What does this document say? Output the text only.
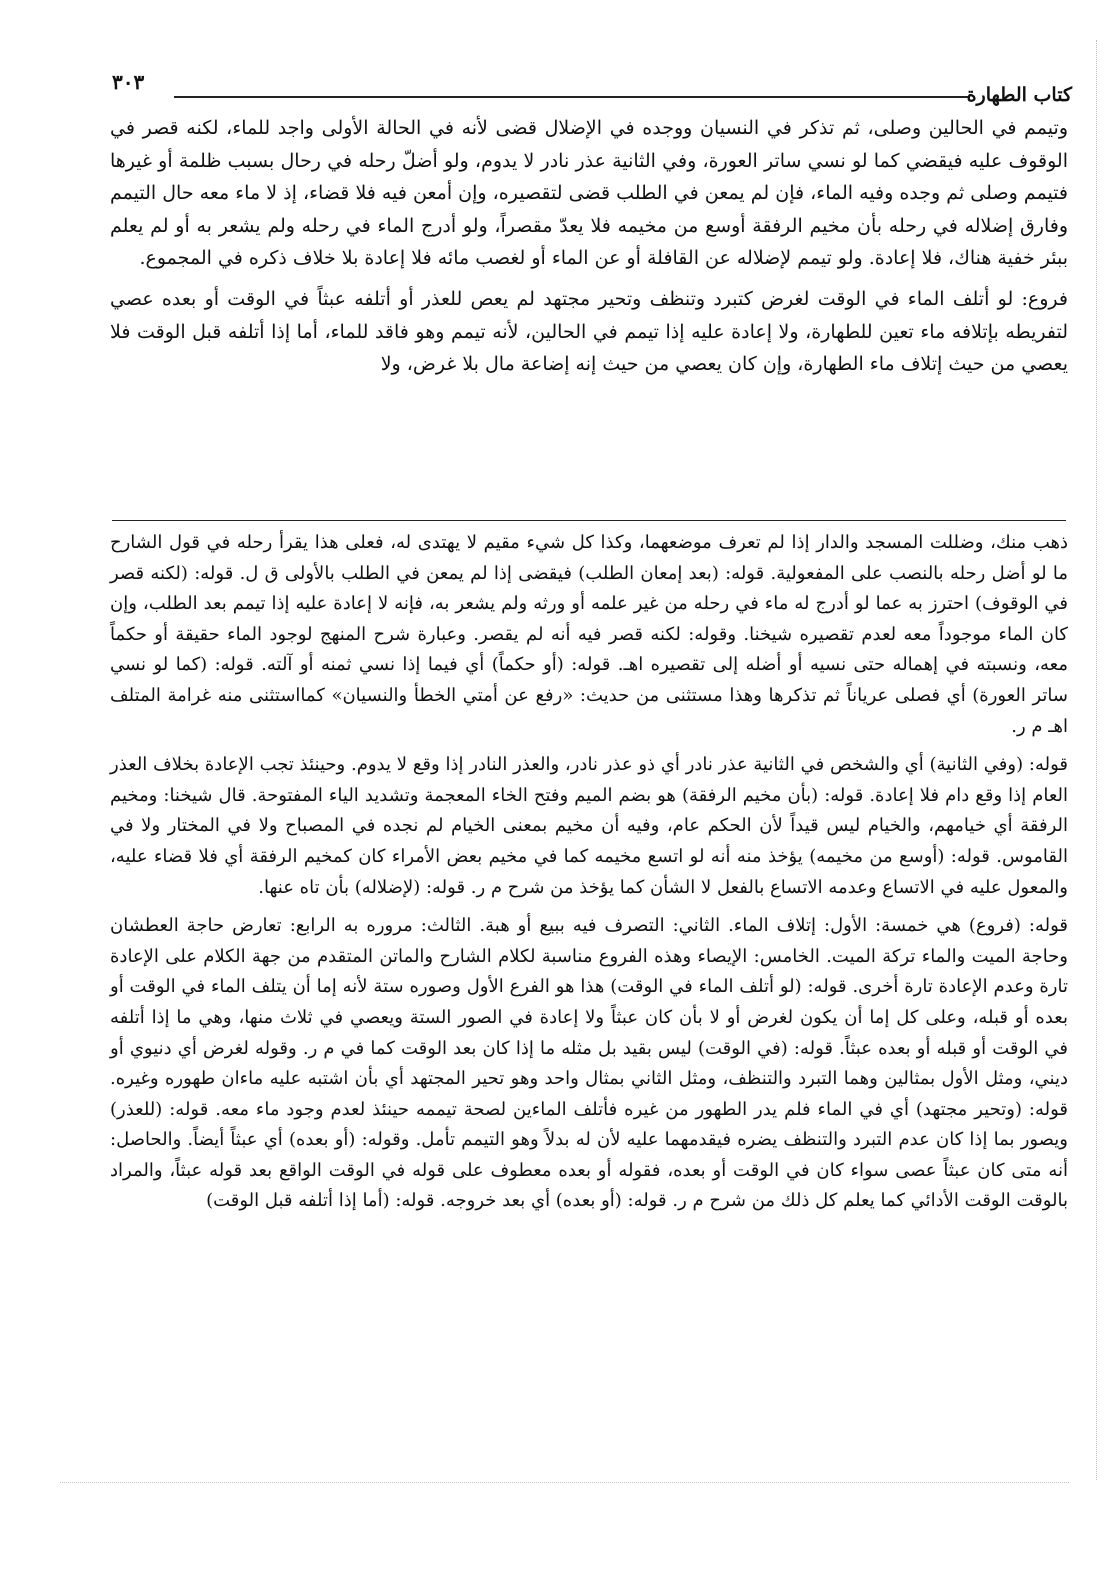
كتاب الطهارة
٣٠٣

وتيمم في الحالين وصلى، ثم تذكر في النسيان ووجده في الإضلال قضى لأنه في الحالة الأولى واجد للماء، لكنه قصر في الوقوف عليه فيقضي كما لو نسي ساتر العورة، وفي الثانية عذر نادر لا يدوم، ولو أضلّ رحله في رحال بسبب ظلمة أو غيرها فتيمم وصلى ثم وجده وفيه الماء، فإن لم يمعن في الطلب قضى لتقصيره، وإن أمعن فيه فلا قضاء، إذ لا ماء معه حال التيمم وفارق إضلاله في رحله بأن مخيم الرفقة أوسع من مخيمه فلا يعدّ مقصراً، ولو أدرج الماء في رحله ولم يشعر به أو لم يعلم ببئر خفية هناك، فلا إعادة. ولو تيمم لإضلاله عن القافلة أو عن الماء أو لغصب مائه فلا إعادة بلا خلاف ذكره في المجموع.

فروع: لو أتلف الماء في الوقت لغرض كتبرد وتنظف وتحير مجتهد لم يعص للعذر أو أتلفه عبثاً في الوقت أو بعده عصي لتفريطه بإتلافه ماء تعين للطهارة، ولا إعادة عليه إذا تيمم في الحالين، لأنه تيمم وهو فاقد للماء، أما إذا أتلفه قبل الوقت فلا يعصي من حيث إتلاف ماء الطهارة، وإن كان يعصي من حيث إنه إضاعة مال بلا غرض، ولا

ذهب منك، وضللت المسجد والدار إذا لم تعرف موضعهما، وكذا كل شيء مقيم لا يهتدى له، فعلى هذا يقرأ رحله في قول الشارح ما لو أضل رحله بالنصب على المفعولية. قوله: (بعد إمعان الطلب) فيقضى إذا لم يمعن في الطلب بالأولى ق ل. قوله: (لكنه قصر في الوقوف) احترز به عما لو أدرج له ماء في رحله من غير علمه أو ورثه ولم يشعر به، فإنه لا إعادة عليه إذا تيمم بعد الطلب، وإن كان الماء موجوداً معه لعدم تقصيره شيخنا. وقوله: لكنه قصر فيه أنه لم يقصر. وعبارة شرح المنهج لوجود الماء حقيقة أو حكماً معه، ونسبته في إهماله حتى نسيه أو أضله إلى تقصيره اهـ. قوله: (أو حكماً) أي فيما إذا نسي ثمنه أو آلته. قوله: (كما لو نسي ساتر العورة) أي فصلى عرياناً ثم تذكرها وهذا مستثنى من حديث: «رفع عن أمتي الخطأ والنسيان» كمااستثنى منه غرامة المتلف اهـ م ر.

قوله: (وفي الثانية) أي والشخص في الثانية عذر نادر أي ذو عذر نادر، والعذر النادر إذا وقع لا يدوم. وحينئذ تجب الإعادة بخلاف العذر العام إذا وقع دام فلا إعادة. قوله: (بأن مخيم الرفقة) هو بضم الميم وفتح الخاء المعجمة وتشديد الياء المفتوحة. قال شيخنا: ومخيم الرفقة أي خيامهم، والخيام ليس قيداً لأن الحكم عام، وفيه أن مخيم بمعنى الخيام لم نجده في المصباح ولا في المختار ولا في القاموس. قوله: (أوسع من مخيمه) يؤخذ منه أنه لو اتسع مخيمه كما في مخيم بعض الأمراء كان كمخيم الرفقة أي فلا قضاء عليه، والمعول عليه في الاتساع وعدمه الاتساع بالفعل لا الشأن كما يؤخذ من شرح م ر. قوله: (لإضلاله) بأن تاه عنها.

قوله: (فروع) هي خمسة: الأول: إتلاف الماء. الثاني: التصرف فيه ببيع أو هبة. الثالث: مروره به الرابع: تعارض حاجة العطشان وحاجة الميت والماء تركة الميت. الخامس: الإيصاء وهذه الفروع مناسبة لكلام الشارح والماتن المتقدم من جهة الكلام على الإعادة تارة وعدم الإعادة تارة أخرى. قوله: (لو أتلف الماء في الوقت) هذا هو الفرع الأول وصوره ستة لأنه إما أن يتلف الماء في الوقت أو بعده أو قبله، وعلى كل إما أن يكون لغرض أو لا بأن كان عبثاً ولا إعادة في الصور الستة ويعصي في ثلاث منها، وهي ما إذا أتلفه في الوقت أو قبله أو بعده عبثاً. قوله: (في الوقت) ليس بقيد بل مثله ما إذا كان بعد الوقت كما في م ر. وقوله لغرض أي دنيوي أو ديني، ومثل الأول بمثالين وهما التبرد والتنظف، ومثل الثاني بمثال واحد وهو تحير المجتهد أي بأن اشتبه عليه ماءان طهوره وغيره. قوله: (وتحير مجتهد) أي في الماء فلم يدر الطهور من غيره فأتلف الماءين لصحة تيممه حينئذ لعدم وجود ماء معه. قوله: (للعذر) ويصور بما إذا كان عدم التبرد والتنظف يضره فيقدمهما عليه لأن له بدلاً وهو التيمم تأمل. وقوله: (أو بعده) أي عبثاً أيضاً. والحاصل: أنه متى كان عبثاً عصى سواء كان في الوقت أو بعده، فقوله أو بعده معطوف على قوله في الوقت الواقع بعد قوله عبثاً، والمراد بالوقت الوقت الأدائي كما يعلم كل ذلك من شرح م ر. قوله: (أو بعده) أي بعد خروجه. قوله: (أما إذا أتلفه قبل الوقت)
